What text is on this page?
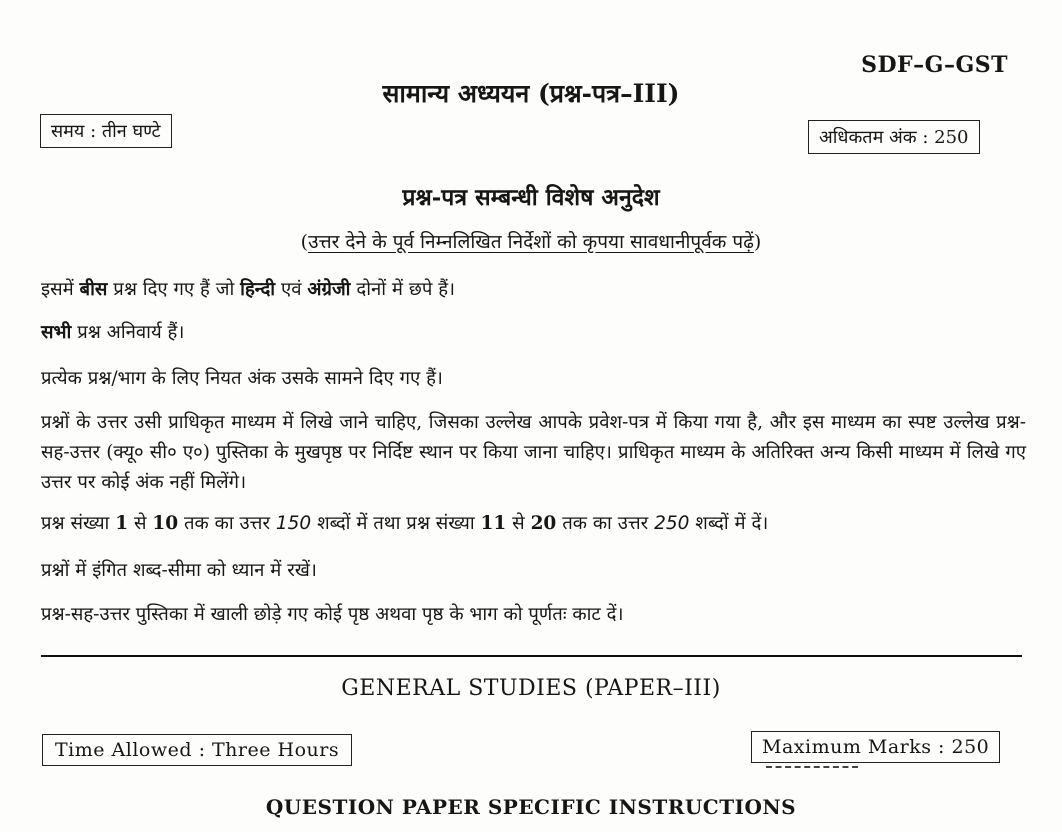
SDF–G–GST
सामान्य अध्ययन (प्रश्न-पत्र–III)
समय : तीन घण्टे	अधिकतम अंक : 250
प्रश्न-पत्र सम्बन्धी विशेष अनुदेश
(उत्तर देने के पूर्व निम्नलिखित निर्देशों को कृपया सावधानीपूर्वक पढ़ें)
इसमें बीस प्रश्न दिए गए हैं जो हिन्दी एवं अंग्रेजी दोनों में छपे हैं।
सभी प्रश्न अनिवार्य हैं।
प्रत्येक प्रश्न/भाग के लिए नियत अंक उसके सामने दिए गए हैं।
प्रश्नों के उत्तर उसी प्राधिकृत माध्यम में लिखे जाने चाहिए, जिसका उल्लेख आपके प्रवेश-पत्र में किया गया है, और इस माध्यम का स्पष्ट उल्लेख प्रश्न-सह-उत्तर (क्यू० सी० ए०) पुस्तिका के मुखपृष्ठ पर निर्दिष्ट स्थान पर किया जाना चाहिए। प्राधिकृत माध्यम के अतिरिक्त अन्य किसी माध्यम में लिखे गए उत्तर पर कोई अंक नहीं मिलेंगे।
प्रश्न संख्या 1 से 10 तक का उत्तर 150 शब्दों में तथा प्रश्न संख्या 11 से 20 तक का उत्तर 250 शब्दों में दें।
प्रश्नों में इंगित शब्द-सीमा को ध्यान में रखें।
प्रश्न-सह-उत्तर पुस्तिका में खाली छोड़े गए कोई पृष्ठ अथवा पृष्ठ के भाग को पूर्णतः काट दें।
GENERAL STUDIES (PAPER–III)
Time Allowed : Three Hours	Maximum Marks : 250
QUESTION PAPER SPECIFIC INSTRUCTIONS
